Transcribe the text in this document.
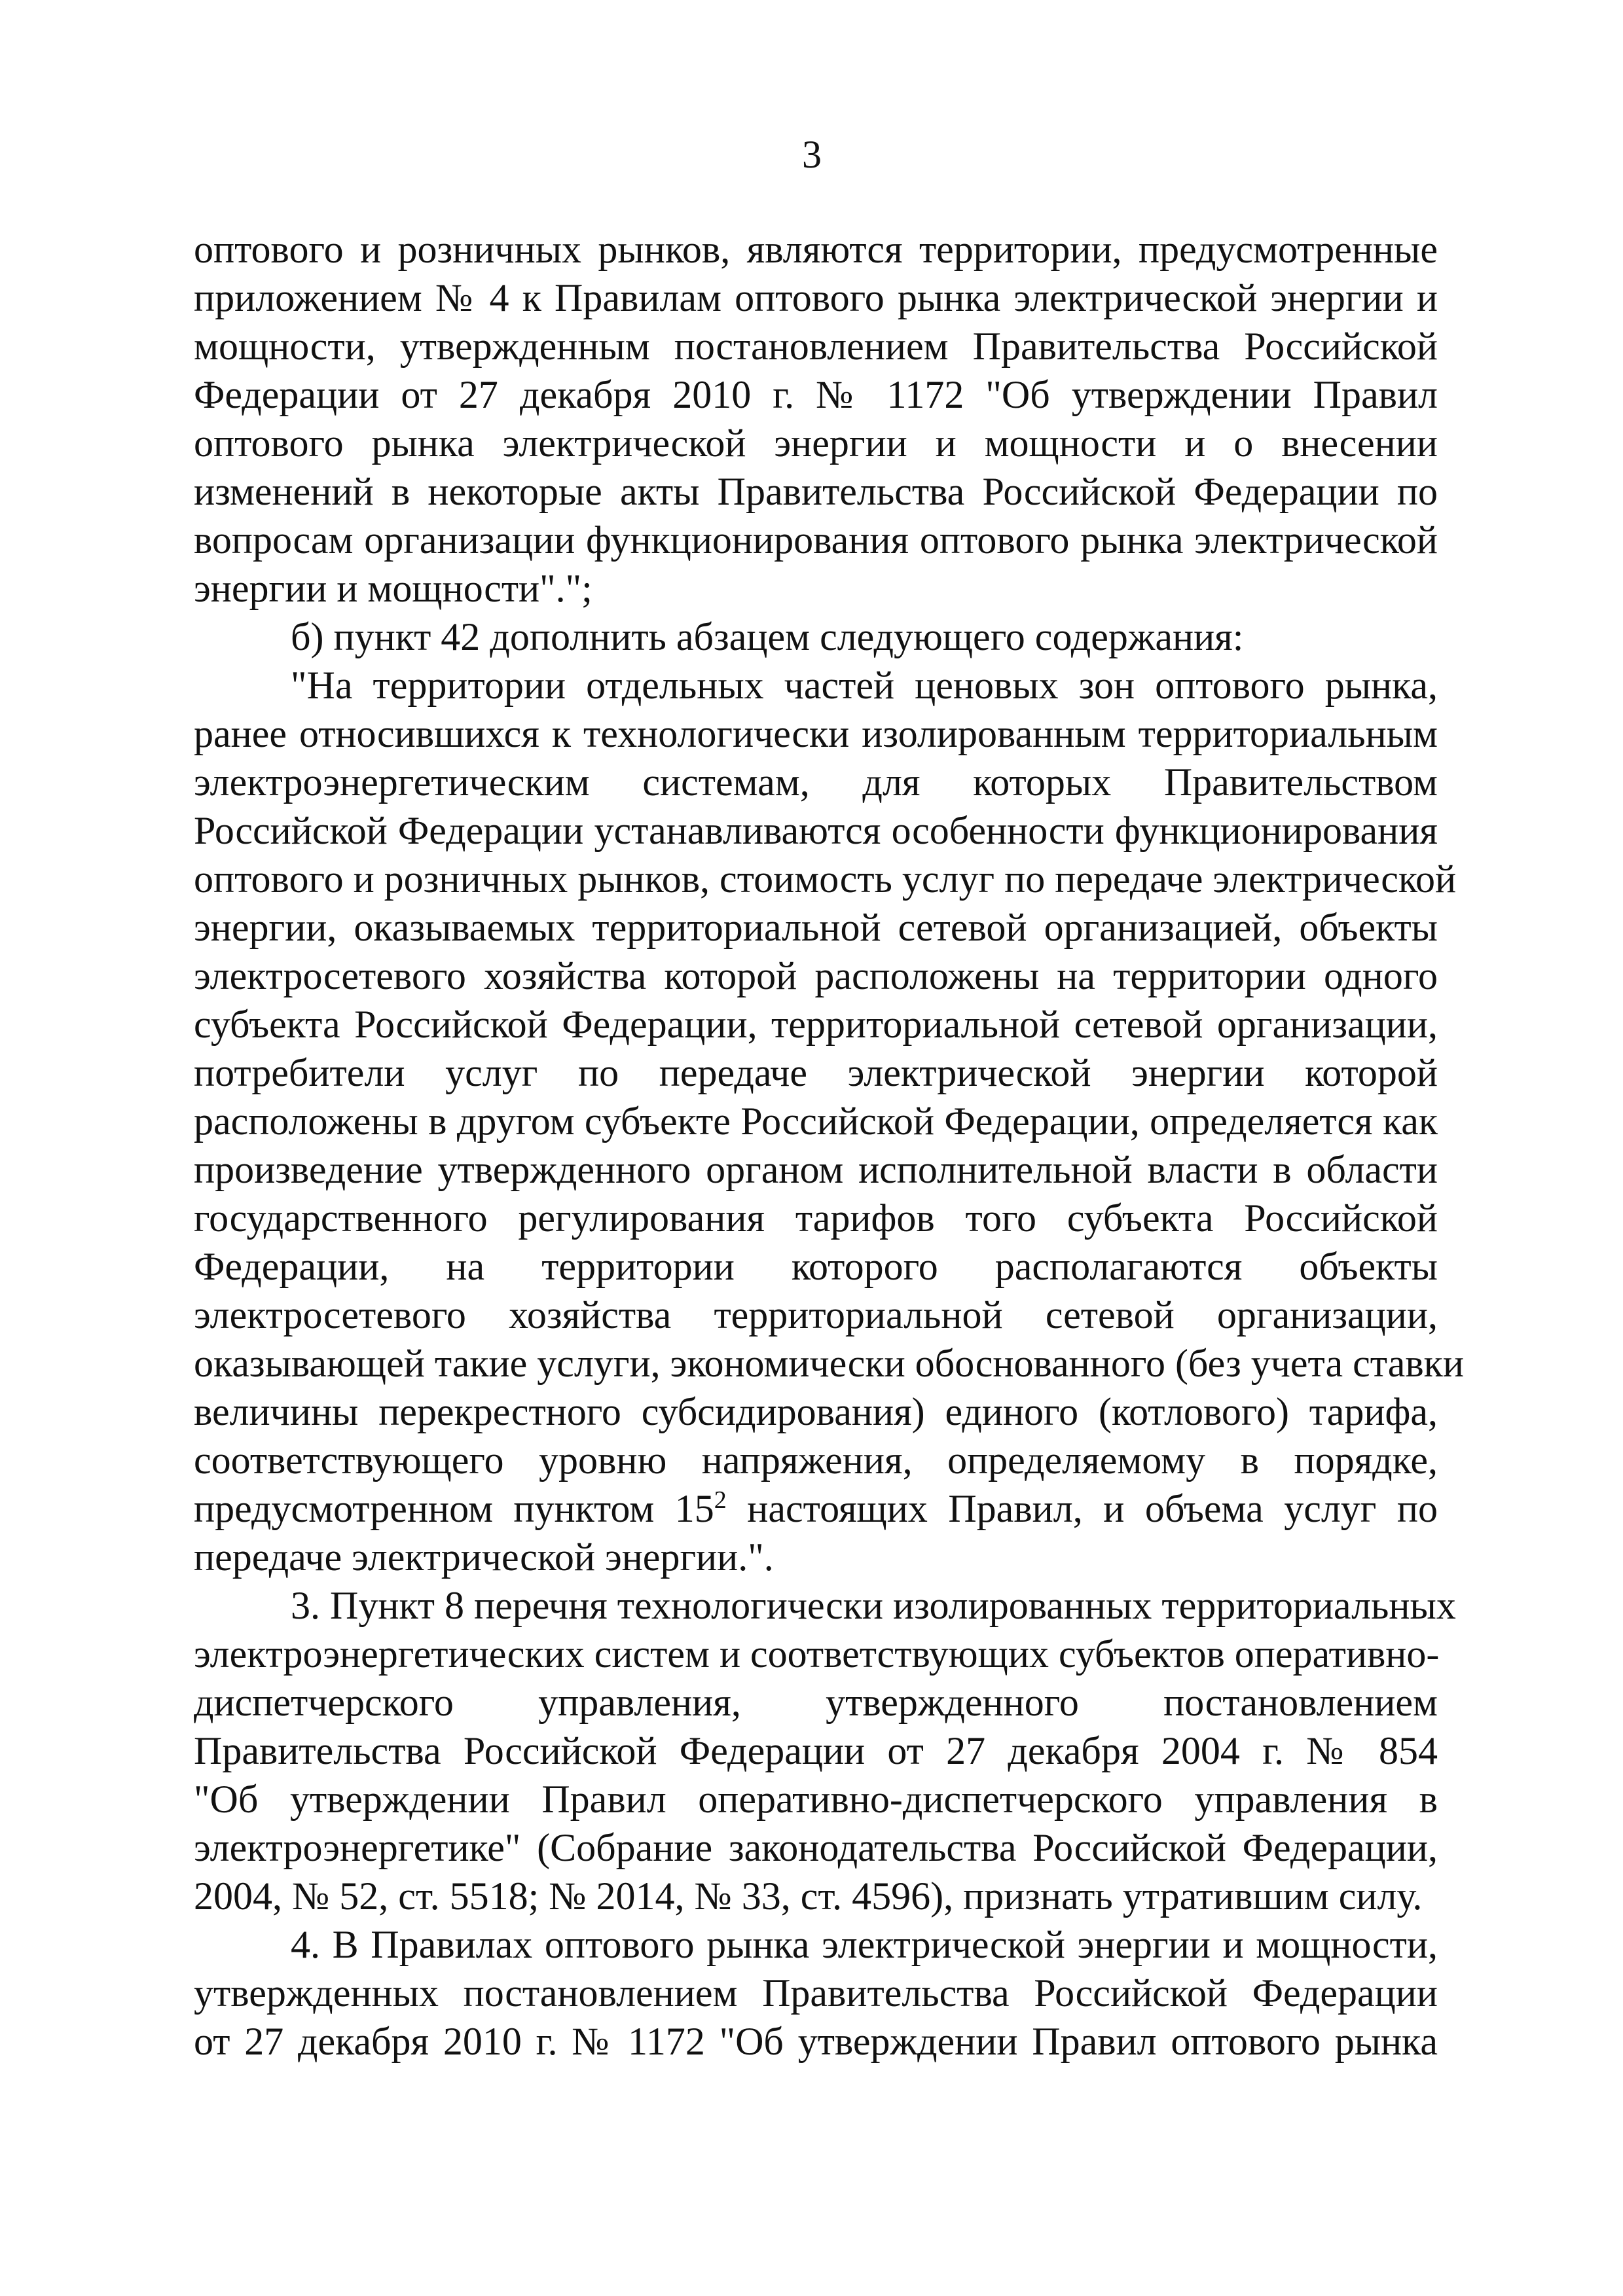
3
оптового и розничных рынков, являются территории, предусмотренные
приложением № 4 к Правилам оптового рынка электрической энергии и
мощности, утвержденным постановлением Правительства Российской
Федерации от 27 декабря 2010 г. № 1172 "Об утверждении Правил
оптового рынка электрической энергии и мощности и о внесении
изменений в некоторые акты Правительства Российской Федерации по
вопросам организации функционирования оптового рынка электрической
энергии и мощности".";
б) пункт 42 дополнить абзацем следующего содержания:
"На территории отдельных частей ценовых зон оптового рынка,
ранее относившихся к технологически изолированным территориальным
электроэнергетическим системам, для которых Правительством
Российской Федерации устанавливаются особенности функционирования
оптового и розничных рынков, стоимость услуг по передаче электрической
энергии, оказываемых территориальной сетевой организацией, объекты
электросетевого хозяйства которой расположены на территории одного
субъекта Российской Федерации, территориальной сетевой организации,
потребители услуг по передаче электрической энергии которой
расположены в другом субъекте Российской Федерации, определяется как
произведение утвержденного органом исполнительной власти в области
государственного регулирования тарифов того субъекта Российской
Федерации, на территории которого располагаются объекты
электросетевого хозяйства территориальной сетевой организации,
оказывающей такие услуги, экономически обоснованного (без учета ставки
величины перекрестного субсидирования) единого (котлового) тарифа,
соответствующего уровню напряжения, определяемому в порядке,
предусмотренном пунктом $15^2$ настоящих Правил, и объема услуг по
передаче электрической энергии.".
3. Пункт 8 перечня технологически изолированных территориальных
электроэнергетических систем и соответствующих субъектов оперативно-
диспетчерского управления, утвержденного постановлением
Правительства Российской Федерации от 27 декабря 2004 г. № 854
"Об утверждении Правил оперативно-диспетчерского управления в
электроэнергетике" (Собрание законодательства Российской Федерации,
2004, № 52, ст. 5518; № 2014, № 33, ст. 4596), признать утратившим силу.
4. В Правилах оптового рынка электрической энергии и мощности,
утвержденных постановлением Правительства Российской Федерации
от 27 декабря 2010 г. № 1172 "Об утверждении Правил оптового рынка
